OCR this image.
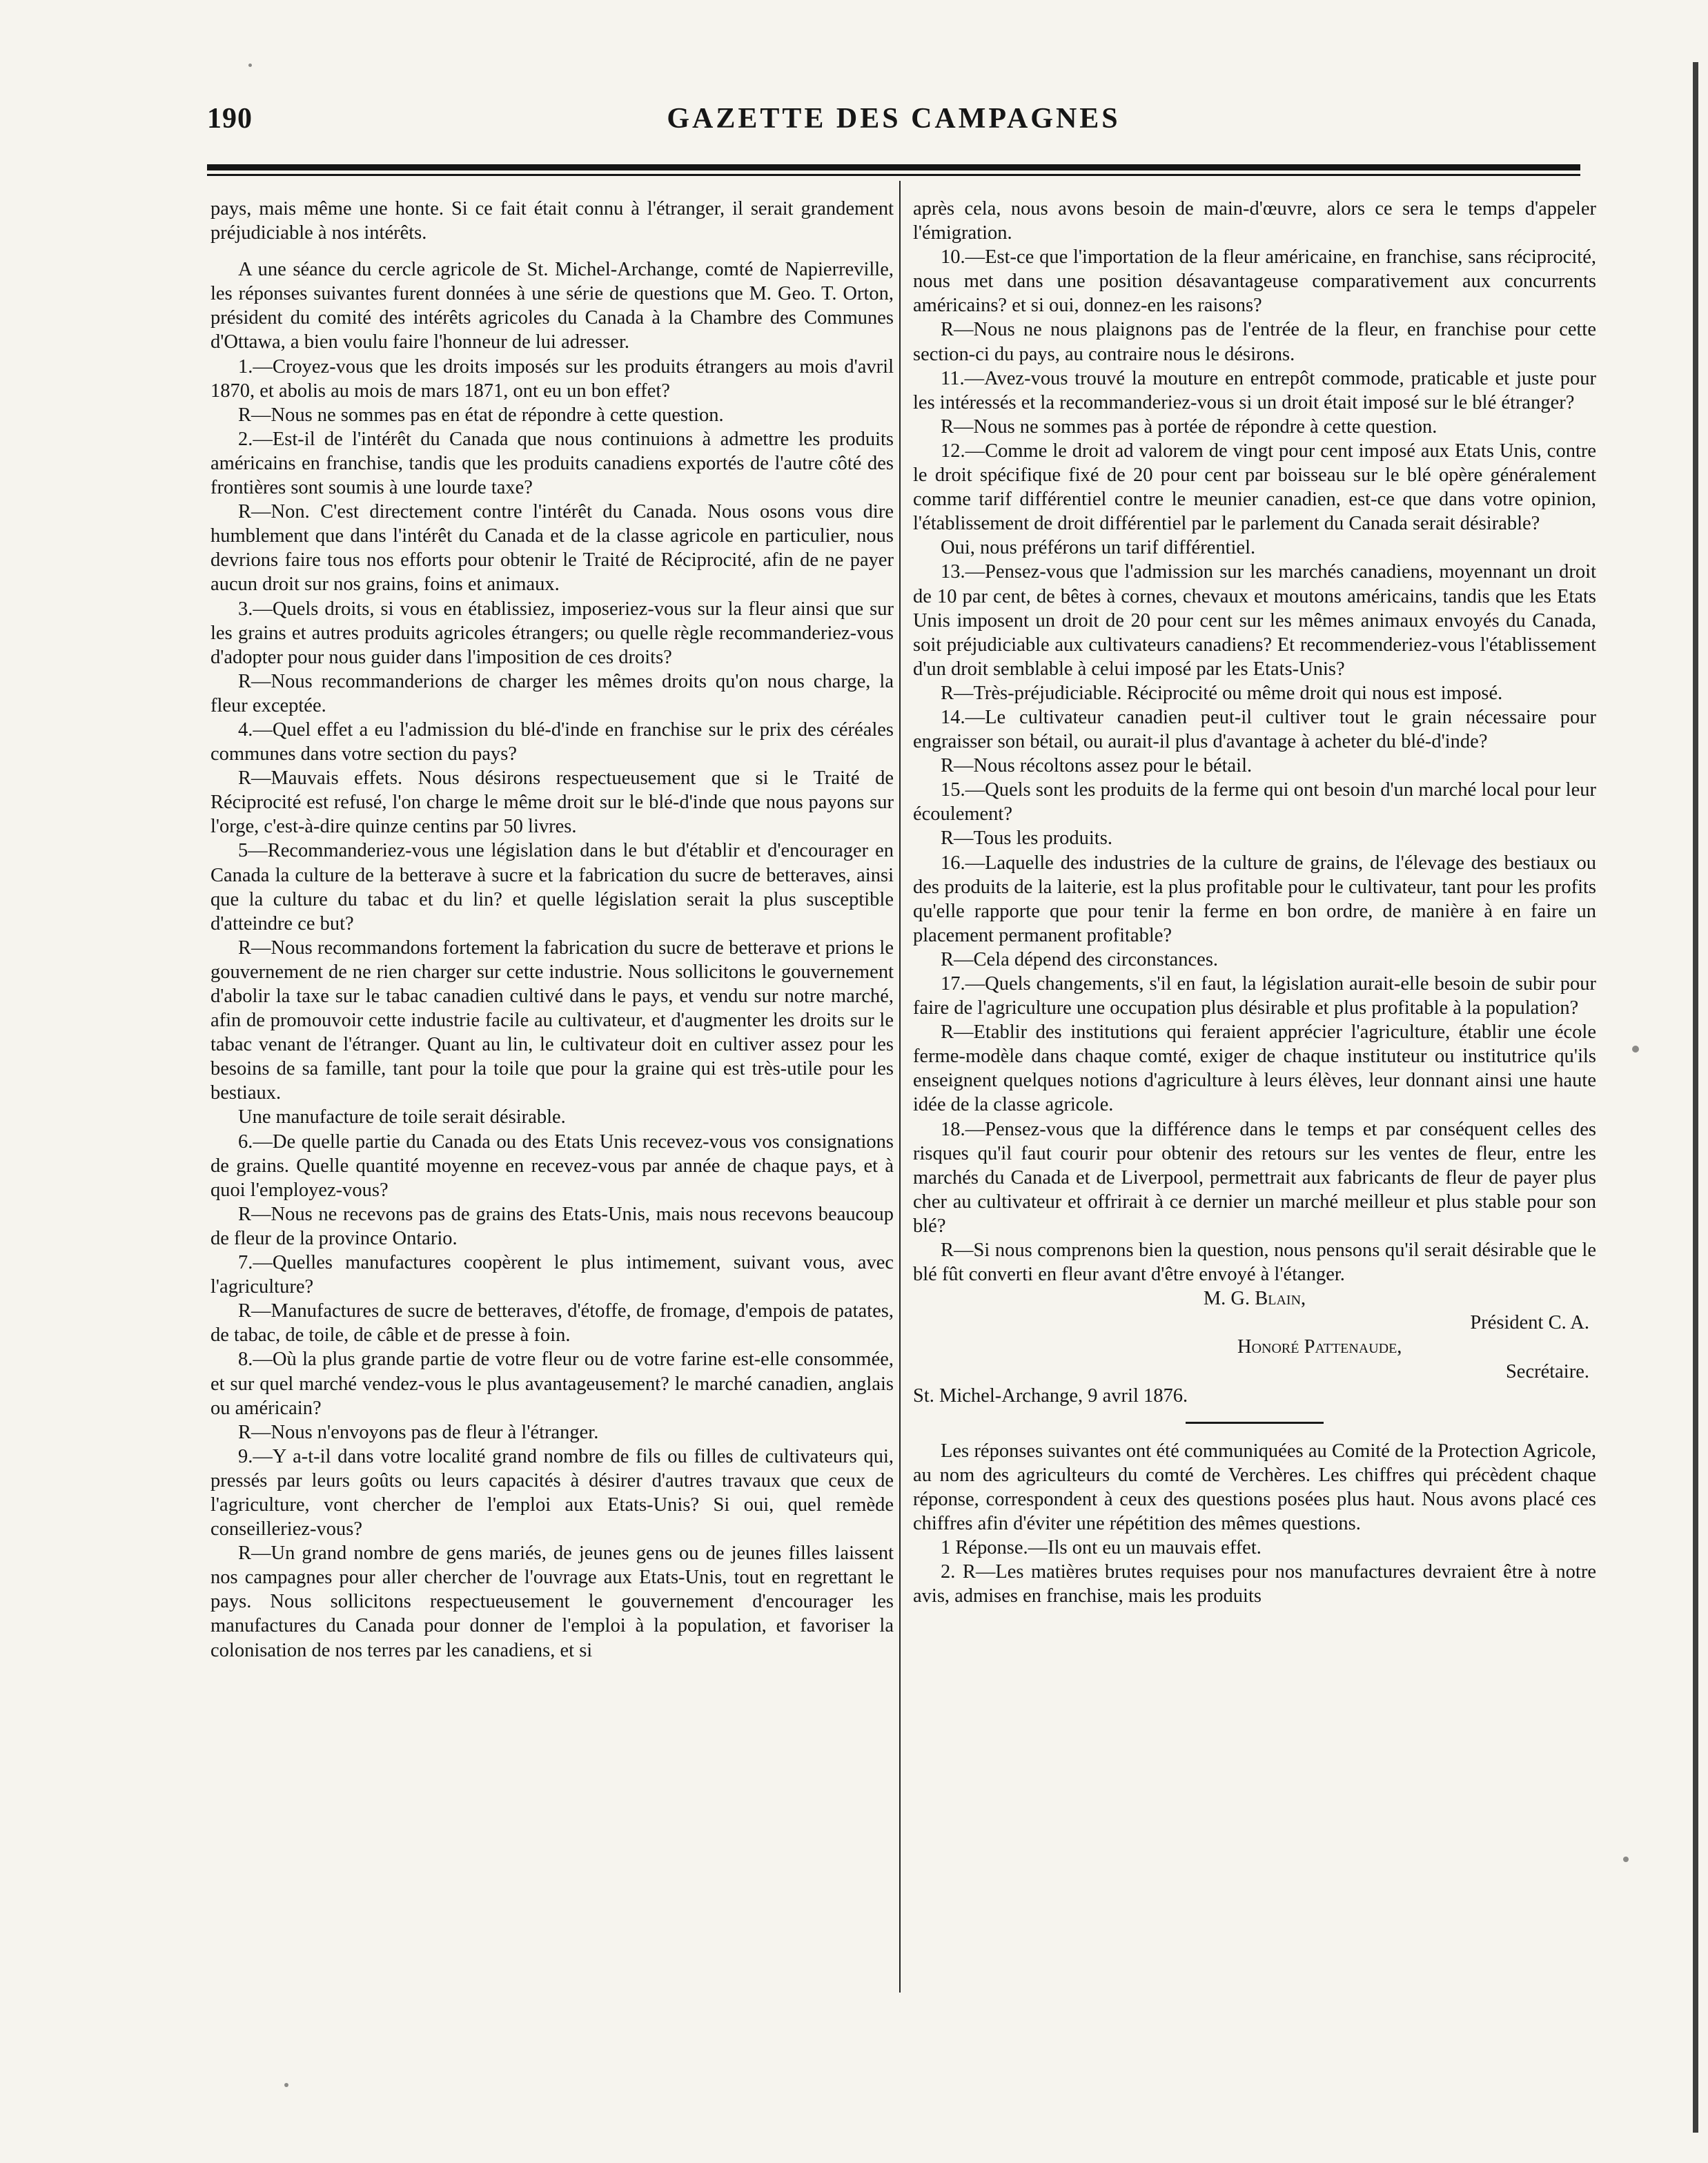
190	GAZETTE DES CAMPAGNES

pays, mais même une honte. Si ce fait était connu à l'étranger, il serait grandement préjudiciable à nos intérêts.

A une séance du cercle agricole de St. Michel-Archange, comté de Napierreville, les réponses suivantes furent données à une série de questions que M. Geo. T. Orton, président du comité des intérêts agricoles du Canada à la Chambre des Communes d'Ottawa, a bien voulu faire l'honneur de lui adresser.

1.—Croyez-vous que les droits imposés sur les produits étrangers au mois d'avril 1870, et abolis au mois de mars 1871, ont eu un bon effet?

R—Nous ne sommes pas en état de répondre à cette question.

2.—Est-il de l'intérêt du Canada que nous continuions à admettre les produits américains en franchise, tandis que les produits canadiens exportés de l'autre côté des frontières sont soumis à une lourde taxe?

R—Non. C'est directement contre l'intérêt du Canada. Nous osons vous dire humblement que dans l'intérêt du Canada et de la classe agricole en particulier, nous devrions faire tous nos efforts pour obtenir le Traité de Réciprocité, afin de ne payer aucun droit sur nos grains, foins et animaux.

3.—Quels droits, si vous en établissiez, imposeriez-vous sur la fleur ainsi que sur les grains et autres produits agricoles étrangers; ou quelle règle recommanderiez-vous d'adopter pour nous guider dans l'imposition de ces droits?

R—Nous recommanderions de charger les mêmes droits qu'on nous charge, la fleur exceptée.

4.—Quel effet a eu l'admission du blé-d'inde en franchise sur le prix des céréales communes dans votre section du pays?

R—Mauvais effets. Nous désirons respectueusement que si le Traité de Réciprocité est refusé, l'on charge le même droit sur le blé-d'inde que nous payons sur l'orge, c'est-à-dire quinze centins par 50 livres.

5—Recommanderiez-vous une législation dans le but d'établir et d'encourager en Canada la culture de la betterave à sucre et la fabrication du sucre de betteraves, ainsi que la culture du tabac et du lin? et quelle législation serait la plus susceptible d'atteindre ce but?

R—Nous recommandons fortement la fabrication du sucre de betterave et prions le gouvernement de ne rien charger sur cette industrie. Nous sollicitons le gouvernement d'abolir la taxe sur le tabac canadien cultivé dans le pays, et vendu sur notre marché, afin de promouvoir cette industrie facile au cultivateur, et d'augmenter les droits sur le tabac venant de l'étranger. Quant au lin, le cultivateur doit en cultiver assez pour les besoins de sa famille, tant pour la toile que pour la graine qui est très-utile pour les bestiaux.

Une manufacture de toile serait désirable.

6.—De quelle partie du Canada ou des Etats Unis recevez-vous vos consignations de grains. Quelle quantité moyenne en recevez-vous par année de chaque pays, et à quoi l'employez-vous?

R—Nous ne recevons pas de grains des Etats-Unis, mais nous recevons beaucoup de fleur de la province Ontario.

7.—Quelles manufactures coopèrent le plus intimement, suivant vous, avec l'agriculture?

R—Manufactures de sucre de betteraves, d'étoffe, de fromage, d'empois de patates, de tabac, de toile, de câble et de presse à foin.

8.—Où la plus grande partie de votre fleur ou de votre farine est-elle consommée, et sur quel marché vendez-vous le plus avantageusement? le marché canadien, anglais ou américain?

R—Nous n'envoyons pas de fleur à l'étranger.

9.—Y a-t-il dans votre localité grand nombre de fils ou filles de cultivateurs qui, pressés par leurs goûts ou leurs capacités à désirer d'autres travaux que ceux de l'agriculture, vont chercher de l'emploi aux Etats-Unis? Si oui, quel remède conseilleriez-vous?

R—Un grand nombre de gens mariés, de jeunes gens ou de jeunes filles laissent nos campagnes pour aller chercher de l'ouvrage aux Etats-Unis, tout en regrettant le pays. Nous sollicitons respectueusement le gouvernement d'encourager les manufactures du Canada pour donner de l'emploi à la population, et favoriser la colonisation de nos terres par les canadiens, et si

après cela, nous avons besoin de main-d'œuvre, alors ce sera le temps d'appeler l'émigration.

10.—Est-ce que l'importation de la fleur américaine, en franchise, sans réciprocité, nous met dans une position désavantageuse comparativement aux concurrents américains? et si oui, donnez-en les raisons?

R—Nous ne nous plaignons pas de l'entrée de la fleur, en franchise pour cette section-ci du pays, au contraire nous le désirons.

11.—Avez-vous trouvé la mouture en entrepôt commode, praticable et juste pour les intéressés et la recommanderiez-vous si un droit était imposé sur le blé étranger?

R—Nous ne sommes pas à portée de répondre à cette question.

12.—Comme le droit ad valorem de vingt pour cent imposé aux Etats Unis, contre le droit spécifique fixé de 20 pour cent par boisseau sur le blé opère généralement comme tarif différentiel contre le meunier canadien, est-ce que dans votre opinion, l'établissement de droit différentiel par le parlement du Canada serait désirable?

Oui, nous préférons un tarif différentiel.

13.—Pensez-vous que l'admission sur les marchés canadiens, moyennant un droit de 10 par cent, de bêtes à cornes, chevaux et moutons américains, tandis que les Etats Unis imposent un droit de 20 pour cent sur les mêmes animaux envoyés du Canada, soit préjudiciable aux cultivateurs canadiens? Et recommenderiez-vous l'établissement d'un droit semblable à celui imposé par les Etats-Unis?

R—Très-préjudiciable. Réciprocité ou même droit qui nous est imposé.

14.—Le cultivateur canadien peut-il cultiver tout le grain nécessaire pour engraisser son bétail, ou aurait-il plus d'avantage à acheter du blé-d'inde?

R—Nous récoltons assez pour le bétail.

15.—Quels sont les produits de la ferme qui ont besoin d'un marché local pour leur écoulement?

R—Tous les produits.

16.—Laquelle des industries de la culture de grains, de l'élevage des bestiaux ou des produits de la laiterie, est la plus profitable pour le cultivateur, tant pour les profits qu'elle rapporte que pour tenir la ferme en bon ordre, de manière à en faire un placement permanent profitable?

R—Cela dépend des circonstances.

17.—Quels changements, s'il en faut, la législation aurait-elle besoin de subir pour faire de l'agriculture une occupation plus désirable et plus profitable à la population?

R—Etablir des institutions qui feraient apprécier l'agriculture, établir une école ferme-modèle dans chaque comté, exiger de chaque instituteur ou institutrice qu'ils enseignent quelques notions d'agriculture à leurs élèves, leur donnant ainsi une haute idée de la classe agricole.

18.—Pensez-vous que la différence dans le temps et par conséquent celles des risques qu'il faut courir pour obtenir des retours sur les ventes de fleur, entre les marchés du Canada et de Liverpool, permettrait aux fabricants de fleur de payer plus cher au cultivateur et offrirait à ce dernier un marché meilleur et plus stable pour son blé?

R—Si nous comprenons bien la question, nous pensons qu'il serait désirable que le blé fût converti en fleur avant d'être envoyé à l'étanger.

M. G. Blain,

Président C. A.

Honoré Pattenaude,

Secrétaire.

St. Michel-Archange, 9 avril 1876.

Les réponses suivantes ont été communiquées au Comité de la Protection Agricole, au nom des agriculteurs du comté de Verchères. Les chiffres qui précèdent chaque réponse, correspondent à ceux des questions posées plus haut. Nous avons placé ces chiffres afin d'éviter une répétition des mêmes questions.

1 Réponse.—Ils ont eu un mauvais effet.

2. R—Les matières brutes requises pour nos manufactures devraient être à notre avis, admises en franchise, mais les produits
